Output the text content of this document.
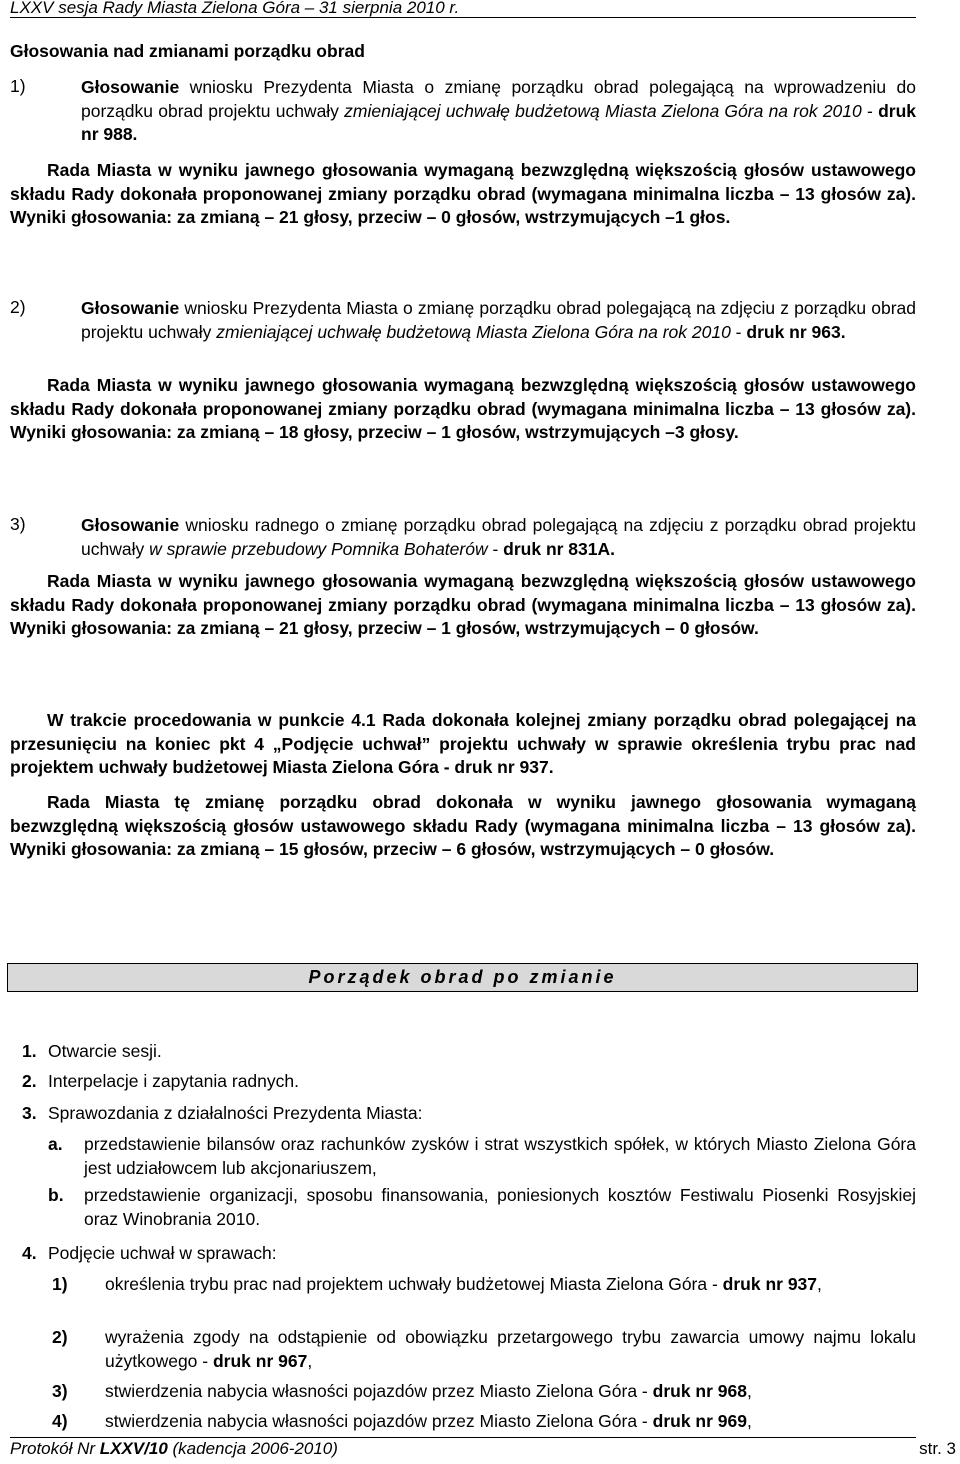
LXXV sesja Rady Miasta Zielona Góra – 31 sierpnia 2010 r.
Głosowania nad zmianami porządku obrad
1)	Głosowanie wniosku Prezydenta Miasta o zmianę porządku obrad polegającą na wprowadzeniu do porządku obrad projektu uchwały zmieniającej uchwałę budżetową Miasta Zielona Góra na rok 2010 - druk nr 988.

Rada Miasta w wyniku jawnego głosowania wymaganą bezwzględną większością głosów ustawowego składu Rady dokonała proponowanej zmiany porządku obrad (wymagana minimalna liczba – 13 głosów za). Wyniki głosowania: za zmianą – 21 głosy, przeciw – 0 głosów, wstrzymujących –1 głos.

2)	Głosowanie wniosku Prezydenta Miasta o zmianę porządku obrad polegającą na zdjęciu z porządku obrad projektu uchwały zmieniającej uchwałę budżetową Miasta Zielona Góra na rok 2010 - druk nr 963.

Rada Miasta w wyniku jawnego głosowania wymaganą bezwzględną większością głosów ustawowego składu Rady dokonała proponowanej zmiany porządku obrad (wymagana minimalna liczba – 13 głosów za). Wyniki głosowania: za zmianą – 18 głosy, przeciw – 1 głosów, wstrzymujących –3 głosy.

3)	Głosowanie wniosku radnego o zmianę porządku obrad polegającą na zdjęciu z porządku obrad projektu uchwały w sprawie przebudowy Pomnika Bohaterów - druk nr 831A.

Rada Miasta w wyniku jawnego głosowania wymaganą bezwzględną większością głosów ustawowego składu Rady dokonała proponowanej zmiany porządku obrad (wymagana minimalna liczba – 13 głosów za). Wyniki głosowania: za zmianą – 21 głosy, przeciw – 1 głosów, wstrzymujących – 0 głosów.

W trakcie procedowania w punkcie 4.1 Rada dokonała kolejnej zmiany porządku obrad polegającej na przesunięciu na koniec pkt 4 „Podjęcie uchwał” projektu uchwały w sprawie określenia trybu prac nad projektem uchwały budżetowej Miasta Zielona Góra - druk nr 937.

Rada Miasta tę zmianę porządku obrad dokonała w wyniku jawnego głosowania wymaganą bezwzględną większością głosów ustawowego składu Rady (wymagana minimalna liczba – 13 głosów za). Wyniki głosowania: za zmianą – 15 głosów, przeciw – 6 głosów, wstrzymujących – 0 głosów.

Porządek obrad po zmianie
1. Otwarcie sesji.
2. Interpelacje i zapytania radnych.
3. Sprawozdania z działalności Prezydenta Miasta:
a. przedstawienie bilansów oraz rachunków zysków i strat wszystkich spółek, w których Miasto Zielona Góra jest udziałowcem lub akcjonariuszem,
b. przedstawienie organizacji, sposobu finansowania, poniesionych kosztów Festiwalu Piosenki Rosyjskiej oraz Winobrania 2010.
4. Podjęcie uchwał w sprawach:
1) określenia trybu prac nad projektem uchwały budżetowej Miasta Zielona Góra - druk nr 937,
2) wyrażenia zgody na odstąpienie od obowiązku przetargowego trybu zawarcia umowy najmu lokalu użytkowego - druk nr 967,
3) stwierdzenia nabycia własności pojazdów przez Miasto Zielona Góra - druk nr 968,
4) stwierdzenia nabycia własności pojazdów przez Miasto Zielona Góra - druk nr 969,
Protokół Nr LXXV/10 (kadencja 2006-2010)	str. 3
